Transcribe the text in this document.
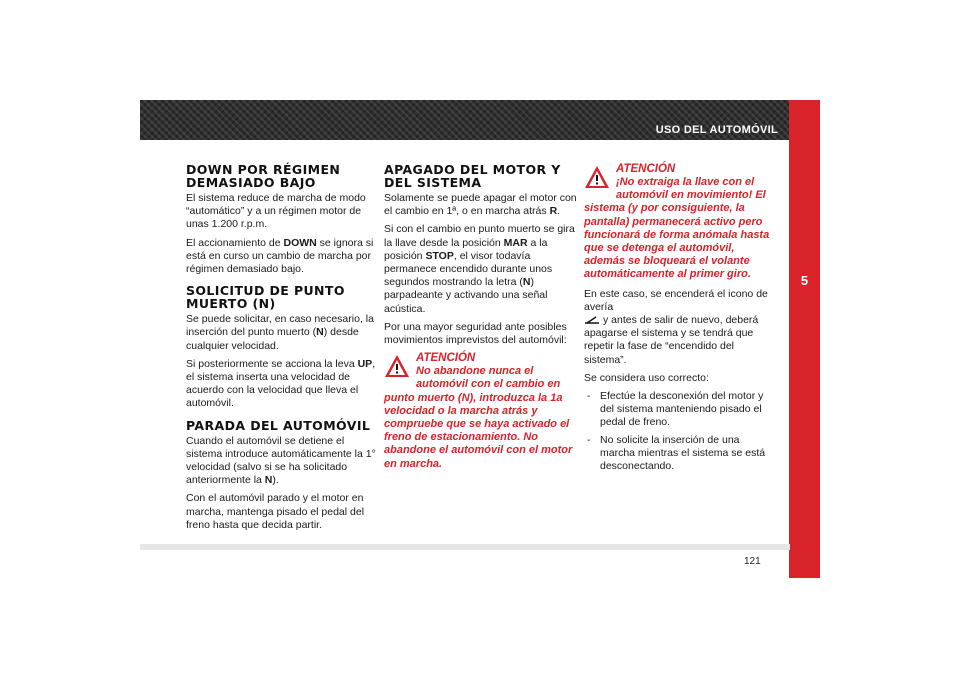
USO DEL AUTOMÓVIL
5
121
DOWN POR RÉGIMEN DEMASIADO BAJO

El sistema reduce de marcha de modo “automático” y a un régimen motor de unas 1.200 r.p.m.

El accionamiento de DOWN se ignora si está en curso un cambio de marcha por régimen demasiado bajo.

SOLICITUD DE PUNTO MUERTO (N)

Se puede solicitar, en caso necesario, la inserción del punto muerto (N) desde cualquier velocidad.

Si posteriormente se acciona la leva UP, el sistema inserta una velocidad de acuerdo con la velocidad que lleva el automóvil.

PARADA DEL AUTOMÓVIL

Cuando el automóvil se detiene el sistema introduce automáticamente la 1° velocidad (salvo si se ha solicitado anteriormente la N).

Con el automóvil parado y el motor en marcha, mantenga pisado el pedal del freno hasta que decida partir.

APAGADO DEL MOTOR Y DEL SISTEMA

Solamente se puede apagar el motor con el cambio en 1ª, o en marcha atrás R.

Si con el cambio en punto muerto se gira la llave desde la posición MAR a la posición STOP, el visor todavía permanece encendido durante unos segundos mostrando la letra (N) parpadeante y activando una señal acústica.

Por una mayor seguridad ante posibles movimientos imprevistos del automóvil:

ATENCIÓN
No abandone nunca el automóvil con el cambio en punto muerto (N), introduzca la 1a velocidad o la marcha atrás y compruebe que se haya activado el freno de estacionamiento. No abandone el automóvil con el motor en marcha.
ATENCIÓN
¡No extraiga la llave con el automóvil en movimiento! El sistema (y por consiguiente, la pantalla) permanecerá activo pero funcionará de forma anómala hasta que se detenga el automóvil, además se bloqueará el volante automáticamente al primer giro.

En este caso, se encenderá el icono de avería
y antes de salir de nuevo, deberá apagarse el sistema y se tendrá que repetir la fase de “encendido del sistema”.

Se considera uso correcto:

- Efectúe la desconexión del motor y del sistema manteniendo pisado el pedal de freno.
- No solicite la inserción de una marcha mientras el sistema se está desconectando.
